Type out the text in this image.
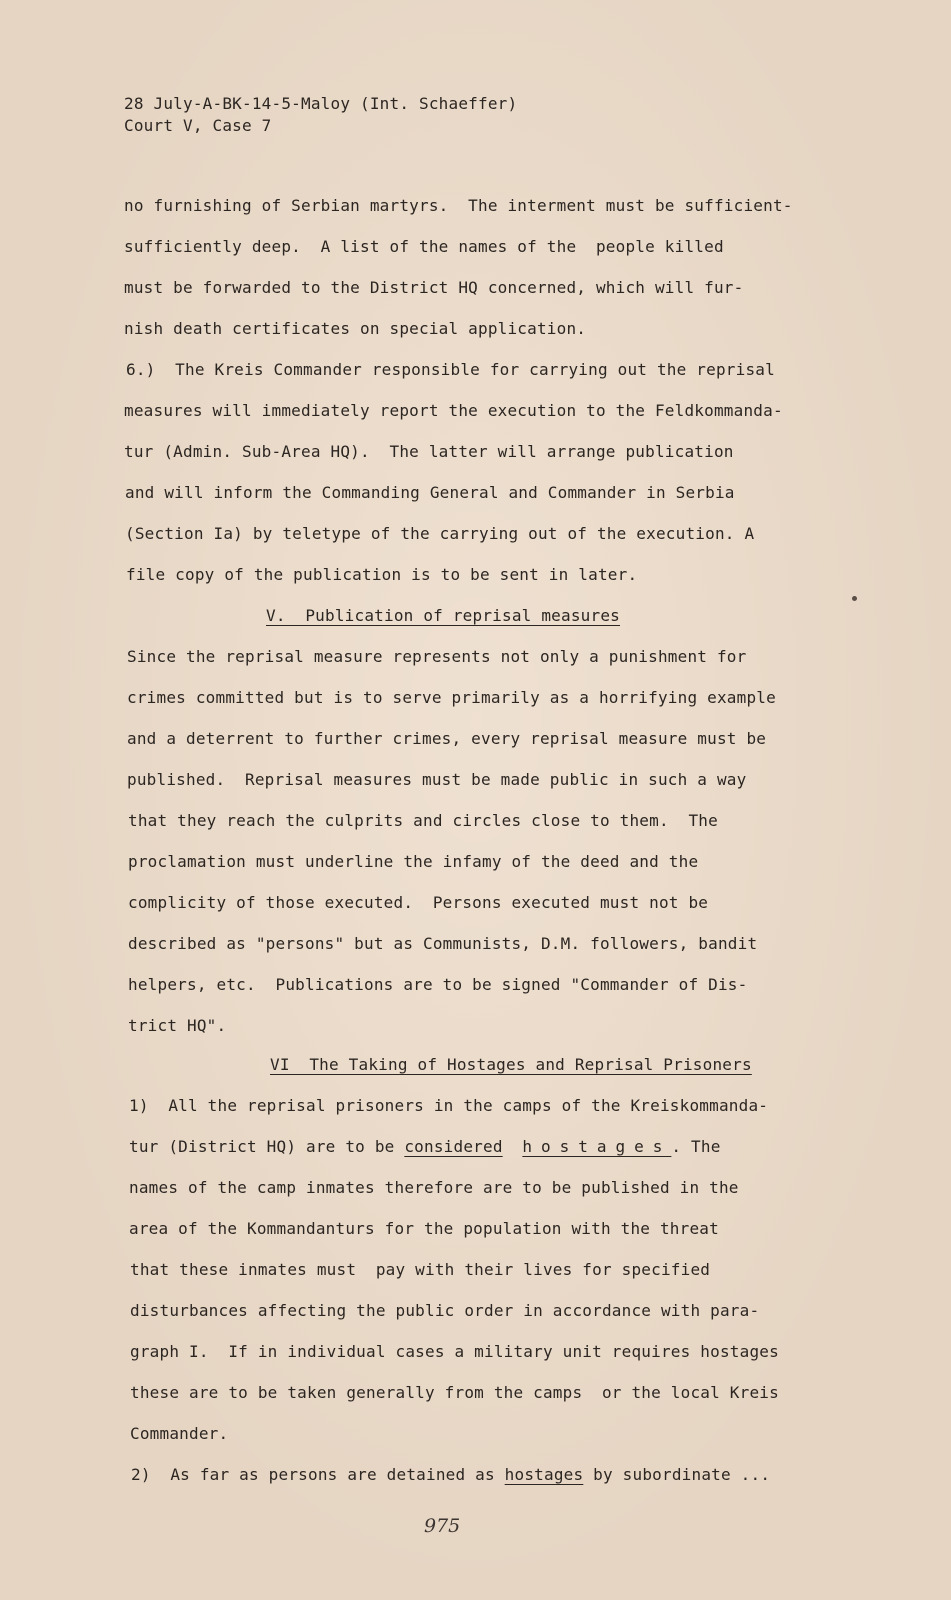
28 July-A-BK-14-5-Maloy (Int. Schaeffer)
Court V, Case 7
no furnishing of Serbian martyrs.  The interment must be sufficient-
sufficiently deep.  A list of the names of the  people killed
must be forwarded to the District HQ concerned, which will fur-
nish death certificates on special application.
6.)  The Kreis Commander responsible for carrying out the reprisal
measures will immediately report the execution to the Feldkommanda-
tur (Admin. Sub-Area HQ).  The latter will arrange publication
and will inform the Commanding General and Commander in Serbia
(Section Ia) by teletype of the carrying out of the execution. A
file copy of the publication is to be sent in later.
V.  Publication of reprisal measures
Since the reprisal measure represents not only a punishment for
crimes committed but is to serve primarily as a horrifying example
and a deterrent to further crimes, every reprisal measure must be
published.  Reprisal measures must be made public in such a way
that they reach the culprits and circles close to them.  The
proclamation must underline the infamy of the deed and the
complicity of those executed.  Persons executed must not be
described as "persons" but as Communists, D.M. followers, bandit
helpers, etc.  Publications are to be signed "Commander of Dis-
trict HQ".
VI  The Taking of Hostages and Reprisal Prisoners
1)  All the reprisal prisoners in the camps of the Kreiskommanda-
tur (District HQ) are to be considered hostages. The
names of the camp inmates therefore are to be published in the
area of the Kommandanturs for the population with the threat
that these inmates must  pay with their lives for specified
disturbances affecting the public order in accordance with para-
graph I.  If in individual cases a military unit requires hostages
these are to be taken generally from the camps  or the local Kreis
Commander.
2)  As far as persons are detained as hostages by subordinate ...
975
